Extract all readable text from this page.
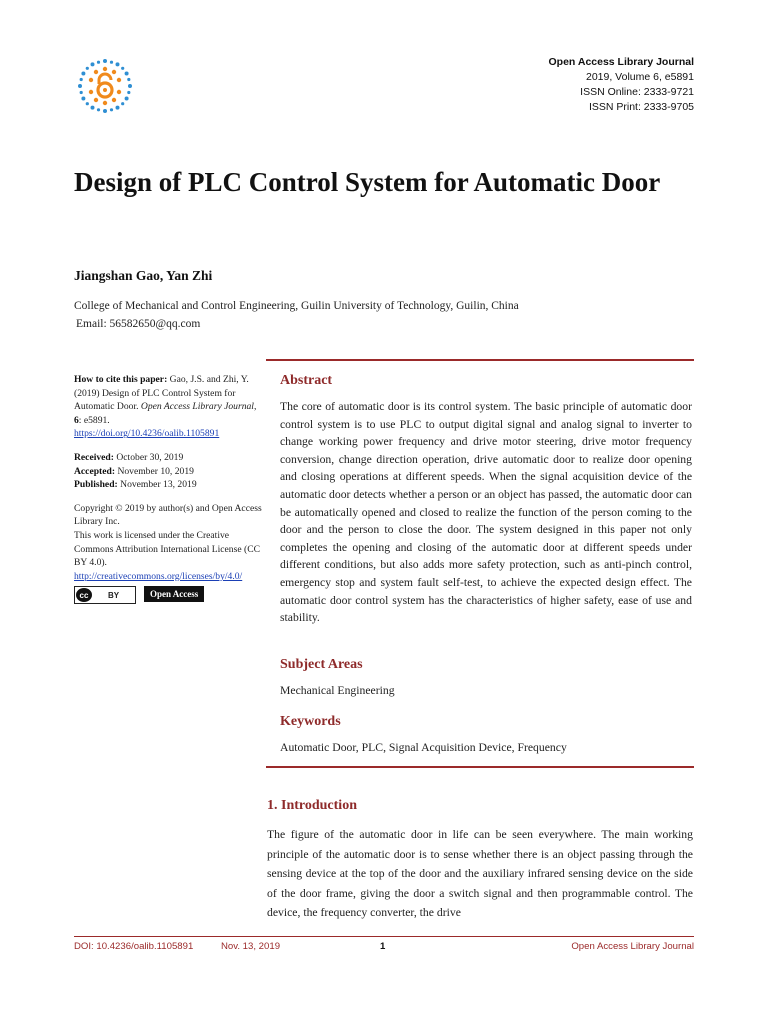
Open Access Library Journal
2019, Volume 6, e5891
ISSN Online: 2333-9721
ISSN Print: 2333-9705
Design of PLC Control System for Automatic Door
Jiangshan Gao, Yan Zhi
College of Mechanical and Control Engineering, Guilin University of Technology, Guilin, China
Email: 56582650@qq.com
How to cite this paper: Gao, J.S. and Zhi, Y. (2019) Design of PLC Control System for Automatic Door. Open Access Library Journal, 6: e5891.
https://doi.org/10.4236/oalib.1105891
Received: October 30, 2019
Accepted: November 10, 2019
Published: November 13, 2019
Copyright © 2019 by author(s) and Open Access Library Inc.
This work is licensed under the Creative Commons Attribution International License (CC BY 4.0).
http://creativecommons.org/licenses/by/4.0/
cc	BY	Open Access
Abstract
The core of automatic door is its control system. The basic principle of automatic door control system is to use PLC to output digital signal and analog signal to inverter to change working power frequency and drive motor steering, drive motor frequency conversion, change direction operation, drive automatic door to realize door opening and closing operations at different speeds. When the signal acquisition device of the automatic door detects whether a person or an object has passed, the automatic door can be automatically opened and closed to realize the function of the person coming to the door and the person to close the door. The system designed in this paper not only completes the opening and closing of the automatic door at different speeds under different conditions, but also adds more safety protection, such as anti-pinch control, emergency stop and system fault self-test, to achieve the expected design effect. The automatic door control system has the characteristics of higher safety, ease of use and stability.
Subject Areas
Mechanical Engineering
Keywords
Automatic Door, PLC, Signal Acquisition Device, Frequency
1. Introduction
The figure of the automatic door in life can be seen everywhere. The main working principle of the automatic door is to sense whether there is an object passing through the sensing device at the top of the door and the auxiliary infrared sensing device on the side of the door frame, giving the door a switch signal and then programmable control. The device, the frequency converter, the drive
DOI: 10.4236/oalib.1105891	Nov. 13, 2019	1	Open Access Library Journal
